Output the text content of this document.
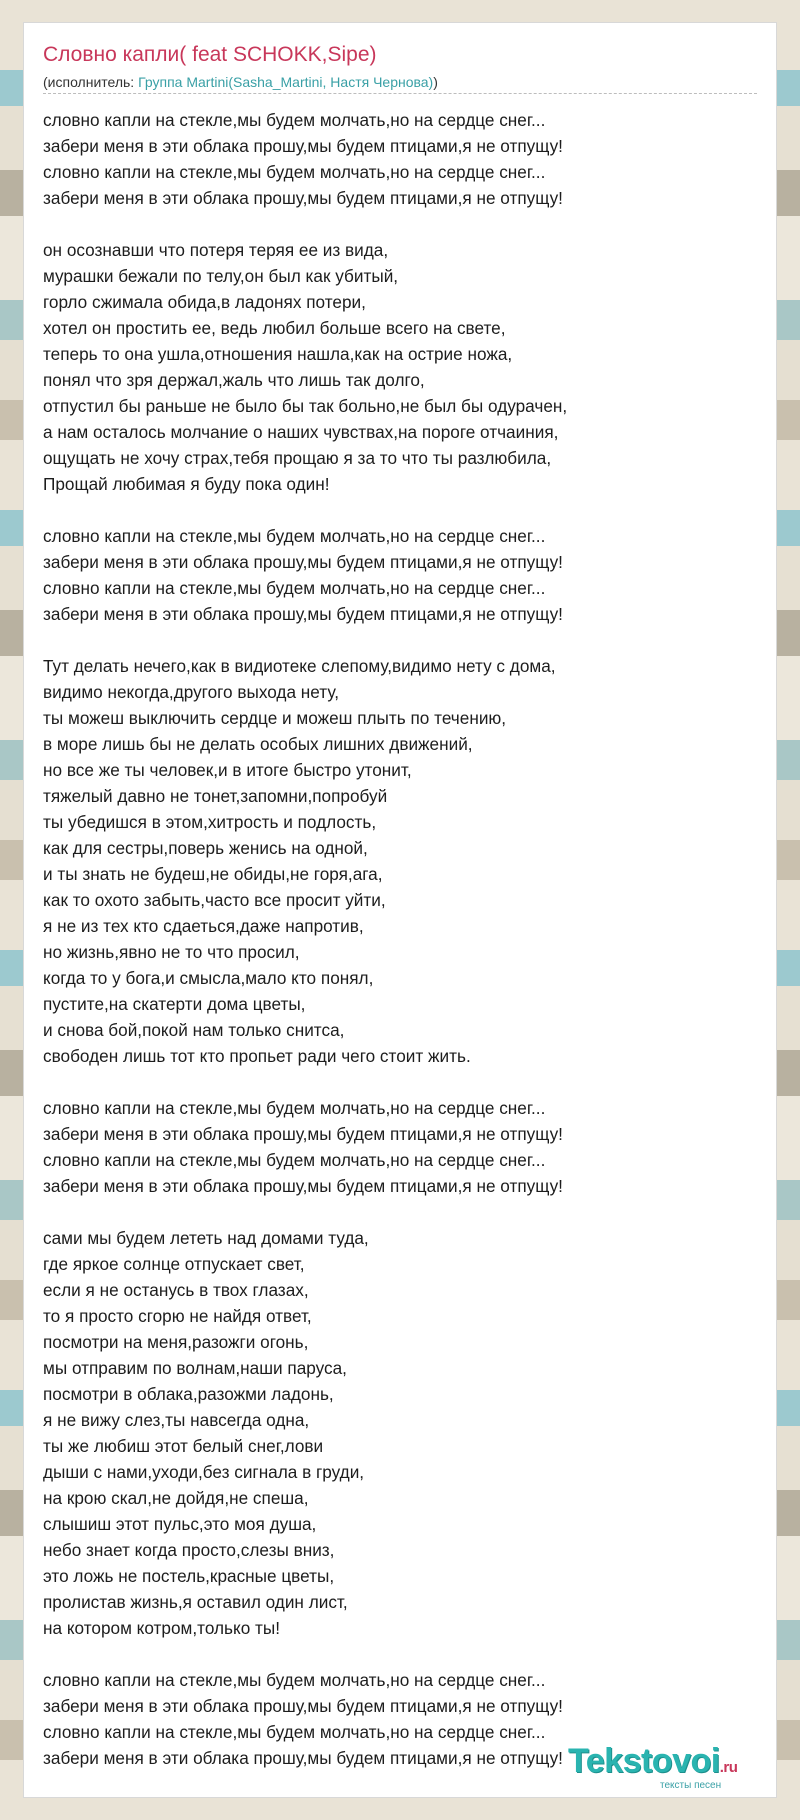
Словно капли( feat SCHOKK,Sipe)
(исполнитель: Группа Martini(Sasha_Martini, Настя Чернова))
словно капли на стекле,мы будем молчать,но на сердце снег...
забери меня в эти облака прошу,мы будем птицами,я не отпущу!
словно капли на стекле,мы будем молчать,но на сердце снег...
забери меня в эти облака прошу,мы будем птицами,я не отпущу!
он осознавши что потеря теряя ее из вида,
мурашки бежали по телу,он был как убитый,
горло сжимала обида,в ладонях потери,
хотел он простить ее, ведь любил больше всего на свете,
теперь то она ушла,отношения нашла,как на острие ножа,
понял что зря держал,жаль что лишь так долго,
отпустил бы раньше не было бы так больно,не был бы одурачен,
а нам осталось молчание о наших чувствах,на пороге отчаиния,
ощущать не хочу страх,тебя прощаю я за то что ты разлюбила,
Прощай любимая я буду пока один!
словно капли на стекле,мы будем молчать,но на сердце снег...
забери меня в эти облака прошу,мы будем птицами,я не отпущу!
словно капли на стекле,мы будем молчать,но на сердце снег...
забери меня в эти облака прошу,мы будем птицами,я не отпущу!
Тут делать нечего,как в видиотеке слепому,видимо нету с дома,
видимо некогда,другого выхода нету,
ты можеш выключить сердце и можеш плыть по течению,
в море лишь бы не делать особых лишних движений,
но все же ты человек,и в итоге быстро утонит,
тяжелый давно не тонет,запомни,попробуй
ты убедишся в этом,хитрость и подлость,
как для сестры,поверь женись на одной,
и ты знать не будеш,не обиды,не горя,ага,
как то охото забыть,часто все просит уйти,
я не из тех кто сдаеться,даже напротив,
но жизнь,явно не то что просил,
когда то у бога,и смысла,мало кто понял,
пустите,на скатерти дома цветы,
и снова бой,покой нам только снитса,
свободен лишь тот кто пропьет ради чего стоит жить.
словно капли на стекле,мы будем молчать,но на сердце снег...
забери меня в эти облака прошу,мы будем птицами,я не отпущу!
словно капли на стекле,мы будем молчать,но на сердце снег...
забери меня в эти облака прошу,мы будем птицами,я не отпущу!
сами мы будем лететь над домами туда,
где яркое солнце отпускает свет,
если я не останусь в твох глазах,
то я просто сгорю не найдя ответ,
посмотри на меня,разожги огонь,
мы отправим по волнам,наши паруса,
посмотри в облака,разожми ладонь,
я не вижу слез,ты навсегда одна,
ты же любиш этот белый снег,лови
дыши с нами,уходи,без сигнала в груди,
на крою скал,не дойдя,не спеша,
слышиш этот пульс,это моя душа,
небо знает когда просто,слезы вниз,
это ложь не постель,красные цветы,
пролистав жизнь,я оставил один лист,
на котором котром,только ты!
словно капли на стекле,мы будем молчать,но на сердце снег...
забери меня в эти облака прошу,мы будем птицами,я не отпущу!
словно капли на стекле,мы будем молчать,но на сердце снег...
забери меня в эти облака прошу,мы будем птицами,я не отпущу! Tekstovoi.ru
тексты песен
